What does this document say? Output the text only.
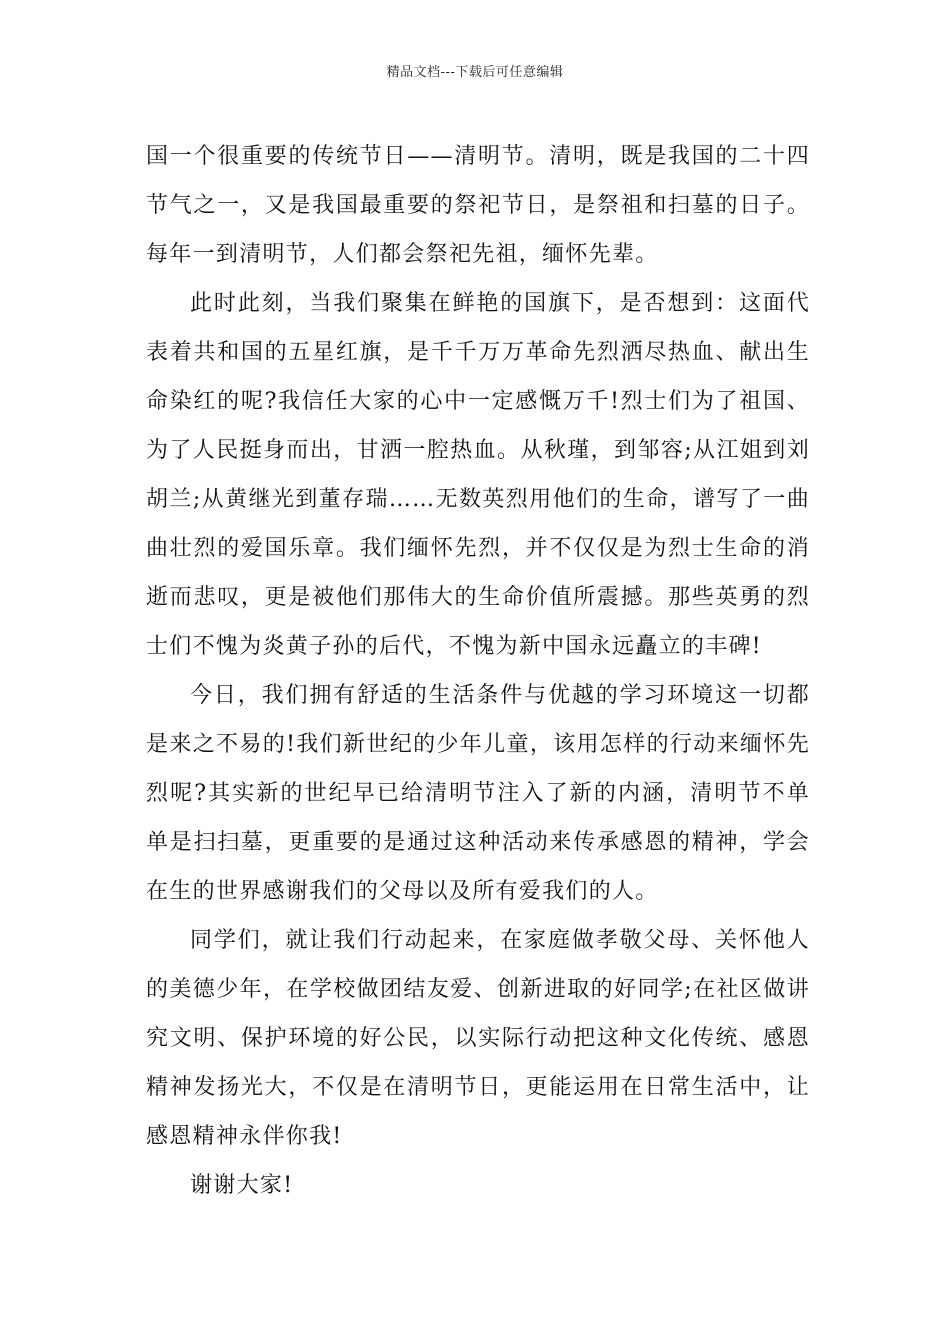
精品文档---下载后可任意编辑

国一个很重要的传统节日——清明节。清明，既是我国的二十四节气之一，又是我国最重要的祭祀节日，是祭祖和扫墓的日子。每年一到清明节，人们都会祭祀先祖，缅怀先辈。

此时此刻，当我们聚集在鲜艳的国旗下，是否想到：这面代表着共和国的五星红旗，是千千万万革命先烈洒尽热血、献出生命染红的呢?我信任大家的心中一定感慨万千!烈士们为了祖国、为了人民挺身而出，甘洒一腔热血。从秋瑾，到邹容;从江姐到刘胡兰;从黄继光到董存瑞……无数英烈用他们的生命，谱写了一曲曲壮烈的爱国乐章。我们缅怀先烈，并不仅仅是为烈士生命的消逝而悲叹，更是被他们那伟大的生命价值所震撼。那些英勇的烈士们不愧为炎黄子孙的后代，不愧为新中国永远矗立的丰碑!

今日，我们拥有舒适的生活条件与优越的学习环境这一切都是来之不易的!我们新世纪的少年儿童，该用怎样的行动来缅怀先烈呢?其实新的世纪早已给清明节注入了新的内涵，清明节不单单是扫扫墓，更重要的是通过这种活动来传承感恩的精神，学会在生的世界感谢我们的父母以及所有爱我们的人。

同学们，就让我们行动起来，在家庭做孝敬父母、关怀他人的美德少年，在学校做团结友爱、创新进取的好同学;在社区做讲究文明、保护环境的好公民，以实际行动把这种文化传统、感恩精神发扬光大，不仅是在清明节日，更能运用在日常生活中，让感恩精神永伴你我!

谢谢大家!
